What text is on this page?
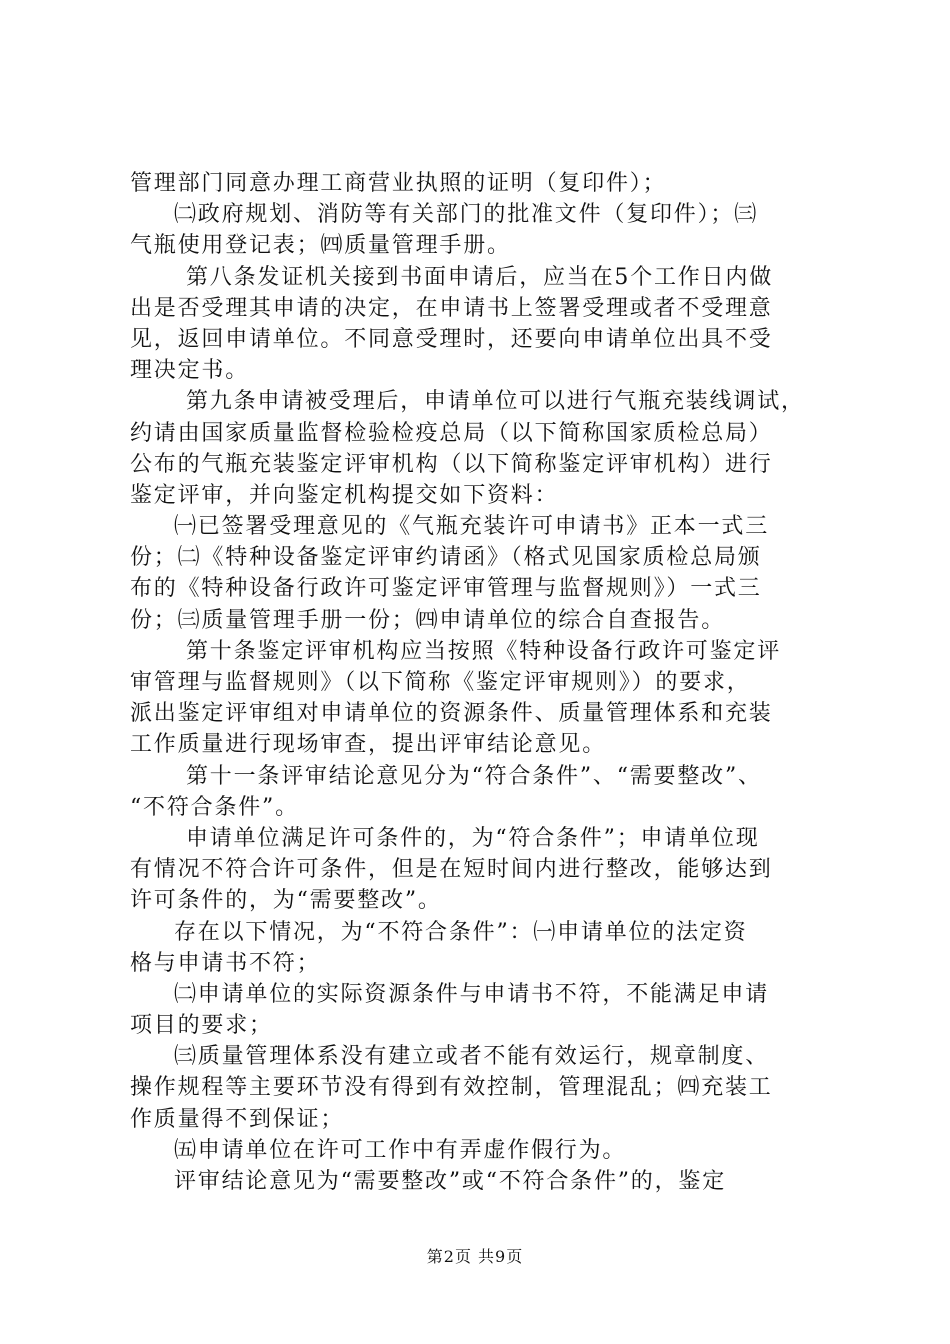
管理部门同意办理工商营业执照的证明（复印件）；
㈡政府规划、消防等有关部门的批准文件（复印件）；㈢
气瓶使用登记表；㈣质量管理手册。
第八条发证机关接到书面申请后，应当在5个工作日内做
出是否受理其申请的决定，在申请书上签署受理或者不受理意
见，返回申请单位。不同意受理时，还要向申请单位出具不受
理决定书。
第九条申请被受理后，申请单位可以进行气瓶充装线调试，
约请由国家质量监督检验检疫总局（以下简称国家质检总局）
公布的气瓶充装鉴定评审机构（以下简称鉴定评审机构）进行
鉴定评审，并向鉴定机构提交如下资料：
㈠已签署受理意见的《气瓶充装许可申请书》正本一式三
份；㈡《特种设备鉴定评审约请函》（格式见国家质检总局颁
布的《特种设备行政许可鉴定评审管理与监督规则》）一式三
份；㈢质量管理手册一份；㈣申请单位的综合自查报告。
第十条鉴定评审机构应当按照《特种设备行政许可鉴定评
审管理与监督规则》（以下简称《鉴定评审规则》）的要求，
派出鉴定评审组对申请单位的资源条件、质量管理体系和充装
工作质量进行现场审查，提出评审结论意见。
第十一条评审结论意见分为“符合条件”、“需要整改”、
“不符合条件”。
申请单位满足许可条件的，为“符合条件”；申请单位现
有情况不符合许可条件，但是在短时间内进行整改，能够达到
许可条件的，为“需要整改”。
存在以下情况，为“不符合条件”：㈠申请单位的法定资
格与申请书不符；
㈡申请单位的实际资源条件与申请书不符，不能满足申请
项目的要求；
㈢质量管理体系没有建立或者不能有效运行，规章制度、
操作规程等主要环节没有得到有效控制，管理混乱；㈣充装工
作质量得不到保证；
㈤申请单位在许可工作中有弄虚作假行为。
评审结论意见为“需要整改”或“不符合条件”的，鉴定
第2页 共9页
